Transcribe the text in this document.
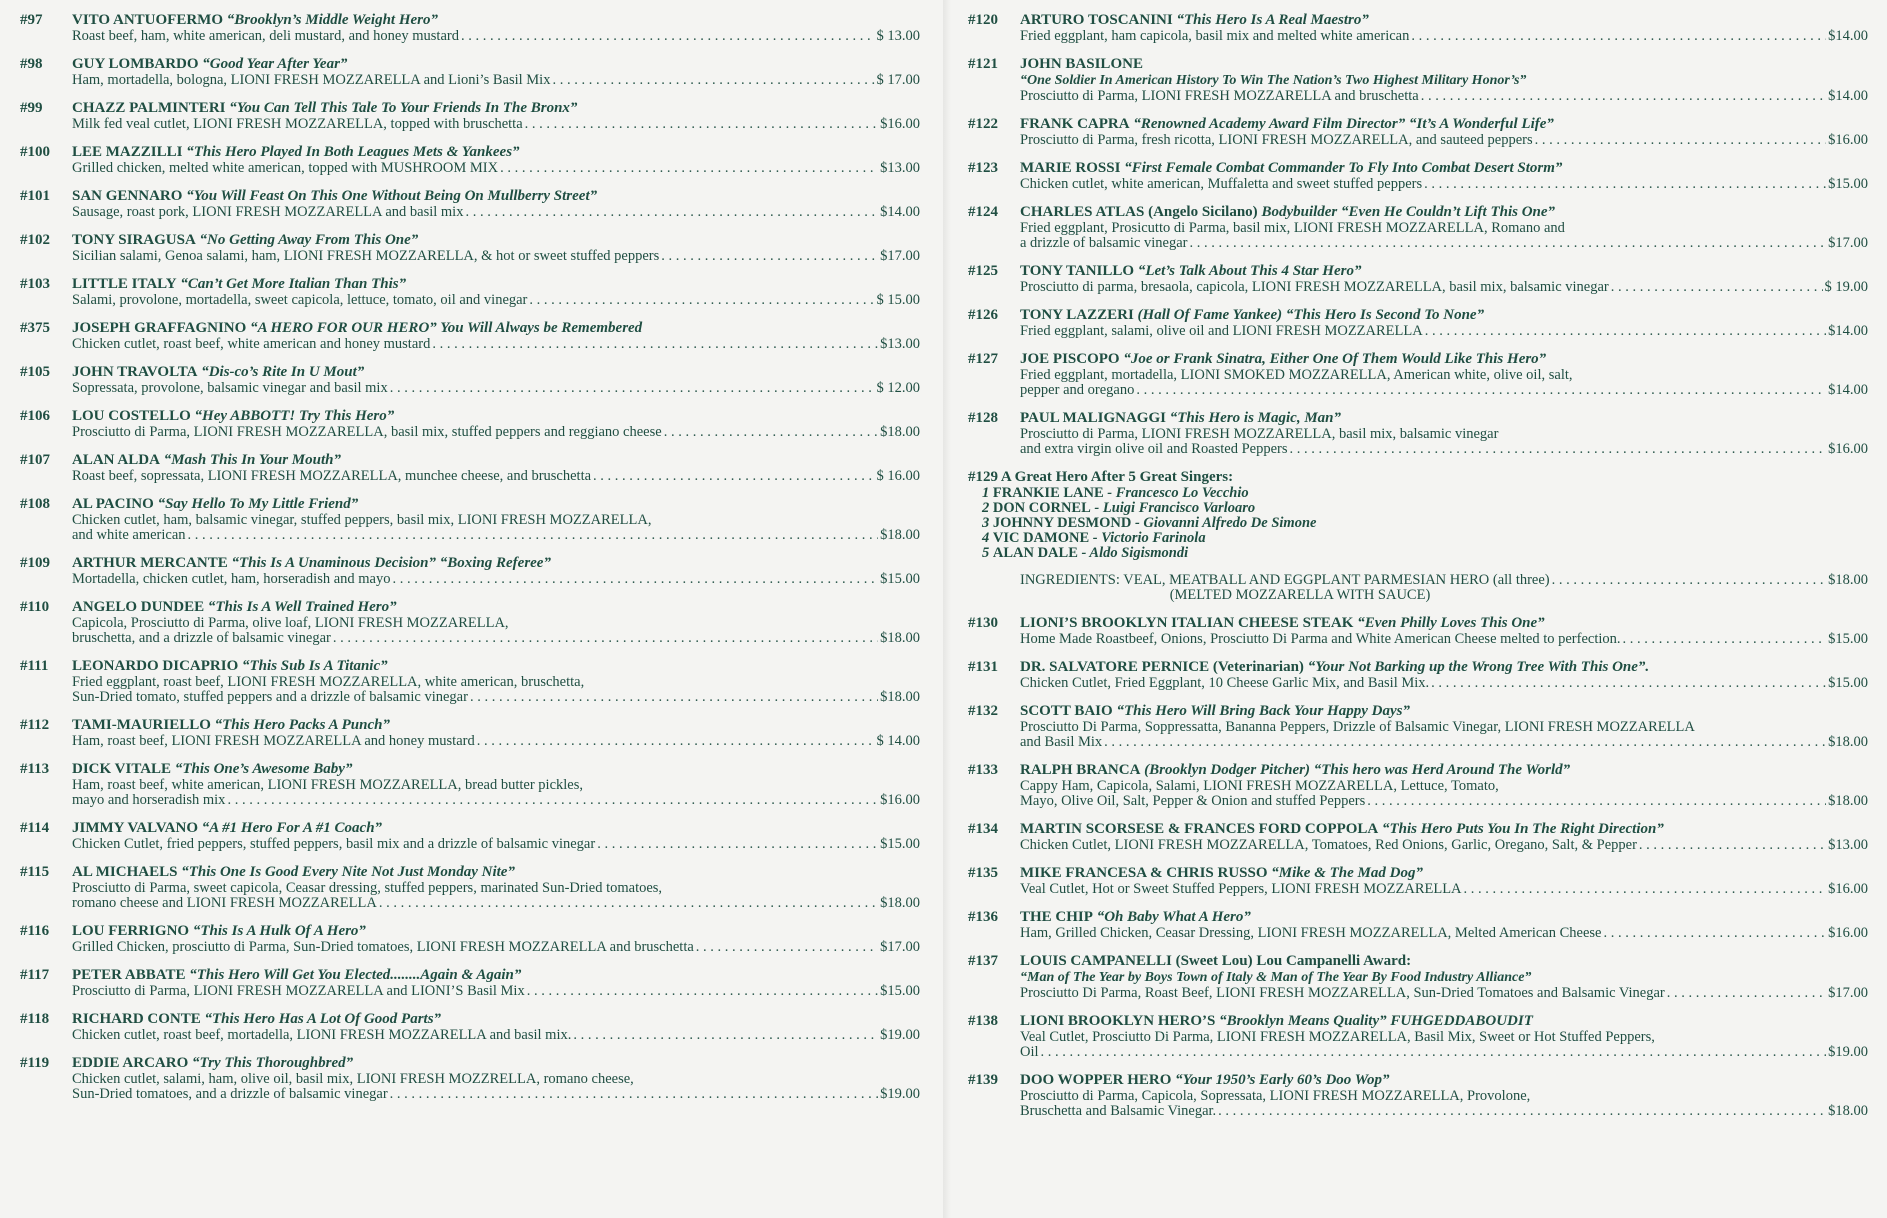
#97 VITO ANTUOFERMO “Brooklyn’s Middle Weight Hero”
Roast beef, ham, white american, deli mustard, and honey mustard . . .	$ 13.00
#98 GUY LOMBARDO “Good Year After Year”
Ham, mortadella, bologna, LIONI FRESH MOZZARELLA and Lioni’s Basil Mix . . .	$ 17.00
#99 CHAZZ PALMINTERI “You Can Tell This Tale To Your Friends In The Bronx”
Milk fed veal cutlet, LIONI FRESH MOZZARELLA, topped with bruschetta . . .	$16.00
#100 LEE MAZZILLI “This Hero Played In Both Leagues Mets & Yankees”
Grilled chicken, melted white american, topped with MUSHROOM MIX . . .	$13.00
#101 SAN GENNARO “You Will Feast On This One Without Being On Mullberry Street”
Sausage, roast pork, LIONI FRESH MOZZARELLA and basil mix . . .	$14.00
#102 TONY SIRAGUSA “No Getting Away From This One”
Sicilian salami, Genoa salami, ham, LIONI FRESH MOZZARELLA, & hot or sweet stuffed peppers . . .	$17.00
#103 LITTLE ITALY “Can’t Get More Italian Than This”
Salami, provolone, mortadella, sweet capicola, lettuce, tomato, oil and vinegar . . .	$ 15.00
#375 JOSEPH GRAFFAGNINO “A HERO FOR OUR HERO” You Will Always be Remembered
Chicken cutlet, roast beef, white american and honey mustard . . .	$13.00
#105 JOHN TRAVOLTA “Dis-co’s Rite In U Mout”
Sopressata, provolone, balsamic vinegar and basil mix . . .	$ 12.00
#106 LOU COSTELLO “Hey ABBOTT! Try This Hero”
Prosciutto di Parma, LIONI FRESH MOZZARELLA, basil mix, stuffed peppers and reggiano cheese . . .	$18.00
#107 ALAN ALDA “Mash This In Your Mouth”
Roast beef, sopressata, LIONI FRESH MOZZARELLA, munchee cheese, and bruschetta . . .	$ 16.00
#108 AL PACINO “Say Hello To My Little Friend”
Chicken cutlet, ham, balsamic vinegar, stuffed peppers, basil mix, LIONI FRESH MOZZARELLA,
and white american . . .	$18.00
#109 ARTHUR MERCANTE “This Is A Unaminous Decision” “Boxing Referee”
Mortadella, chicken cutlet, ham, horseradish and mayo . . .	$15.00
#110 ANGELO DUNDEE “This Is A Well Trained Hero”
Capicola, Prosciutto di Parma, olive loaf, LIONI FRESH MOZZARELLA,
bruschetta, and a drizzle of balsamic vinegar . . .	$18.00
#111 LEONARDO DICAPRIO “This Sub Is A Titanic”
Fried eggplant, roast beef, LIONI FRESH MOZZARELLA, white american, bruschetta,
Sun-Dried tomato, stuffed peppers and a drizzle of balsamic vinegar . . .	$18.00
#112 TAMI-MAURIELLO “This Hero Packs A Punch”
Ham, roast beef, LIONI FRESH MOZZARELLA and honey mustard . . .	$ 14.00
#113 DICK VITALE “This One’s Awesome Baby”
Ham, roast beef, white american, LIONI FRESH MOZZARELLA, bread butter pickles,
mayo and horseradish mix . . .	$16.00
#114 JIMMY VALVANO “A #1 Hero For A #1 Coach”
Chicken Cutlet, fried peppers, stuffed peppers, basil mix and a drizzle of balsamic vinegar . . .	$15.00
#115 AL MICHAELS “This One Is Good Every Nite Not Just Monday Nite”
Prosciutto di Parma, sweet capicola, Ceasar dressing, stuffed peppers, marinated Sun-Dried tomatoes,
romano cheese and LIONI FRESH MOZZARELLA . . .	$18.00
#116 LOU FERRIGNO “This Is A Hulk Of A Hero”
Grilled Chicken, prosciutto di Parma, Sun-Dried tomatoes, LIONI FRESH MOZZARELLA and bruschetta . . .	$17.00
#117 PETER ABBATE “This Hero Will Get You Elected........Again & Again”
Prosciutto di Parma, LIONI FRESH MOZZARELLA and LIONI’S Basil Mix . . .	$15.00
#118 RICHARD CONTE “This Hero Has A Lot Of Good Parts”
Chicken cutlet, roast beef, mortadella, LIONI FRESH MOZZARELLA and basil mix. . . .	$19.00
#119 EDDIE ARCARO “Try This Thoroughbred”
Chicken cutlet, salami, ham, olive oil, basil mix, LIONI FRESH MOZZRELLA, romano cheese,
Sun-Dried tomatoes, and a drizzle of balsamic vinegar . . .	$19.00
#120 ARTURO TOSCANINI “This Hero Is A Real Maestro”
Fried eggplant, ham capicola, basil mix and melted white american . . .	$14.00
#121 JOHN BASILONE
“One Soldier In American History To Win The Nation’s Two Highest Military Honor’s”
Prosciutto di Parma, LIONI FRESH MOZZARELLA and bruschetta . . .	$14.00
#122 FRANK CAPRA “Renowned Academy Award Film Director” “It’s A Wonderful Life”
Prosciutto di Parma, fresh ricotta, LIONI FRESH MOZZARELLA, and sauteed peppers . . .	$16.00
#123 MARIE ROSSI “First Female Combat Commander To Fly Into Combat Desert Storm”
Chicken cutlet, white american, Muffaletta and sweet stuffed peppers . . .	$15.00
#124 CHARLES ATLAS (Angelo Sicilano) Bodybuilder “Even He Couldn’t Lift This One”
Fried eggplant, Prosicutto di Parma, basil mix, LIONI FRESH MOZZARELLA, Romano and
a drizzle of balsamic vinegar . . .	$17.00
#125 TONY TANILLO “Let’s Talk About This 4 Star Hero”
Prosciutto di parma, bresaola, capicola, LIONI FRESH MOZZARELLA, basil mix, balsamic vinegar . . .	$ 19.00
#126 TONY LAZZERI (Hall Of Fame Yankee) “This Hero Is Second To None”
Fried eggplant, salami, olive oil and LIONI FRESH MOZZARELLA . . .	$14.00
#127 JOE PISCOPO “Joe or Frank Sinatra, Either One Of Them Would Like This Hero”
Fried eggplant, mortadella, LIONI SMOKED MOZZARELLA, American white, olive oil, salt,
pepper and oregano . . .	$14.00
#128 PAUL MALIGNAGGI “This Hero is Magic, Man”
Prosciutto di Parma, LIONI FRESH MOZZARELLA, basil mix, balsamic vinegar
and extra virgin olive oil and Roasted Peppers . . .	$16.00
#129 A Great Hero After 5 Great Singers:
1 FRANKIE LANE - Francesco Lo Vecchio
2 DON CORNEL - Luigi Francisco Varloaro
3 JOHNNY DESMOND - Giovanni Alfredo De Simone
4 VIC DAMONE - Victorio Farinola
5 ALAN DALE - Aldo Sigismondi
INGREDIENTS: VEAL, MEATBALL AND EGGPLANT PARMESIAN HERO (all three) . . .	$18.00
(MELTED MOZZARELLA WITH SAUCE)
#130 LIONI’S BROOKLYN ITALIAN CHEESE STEAK “Even Philly Loves This One”
Home Made Roastbeef, Onions, Prosciutto Di Parma and White American Cheese melted to perfection. . . .	$15.00
#131 DR. SALVATORE PERNICE (Veterinarian) “Your Not Barking up the Wrong Tree With This One”.
Chicken Cutlet, Fried Eggplant, 10 Cheese Garlic Mix, and Basil Mix. . . .	$15.00
#132 SCOTT BAIO “This Hero Will Bring Back Your Happy Days”
Prosciutto Di Parma, Soppressatta, Bananna Peppers, Drizzle of Balsamic Vinegar, LIONI FRESH MOZZARELLA
and Basil Mix . . .	$18.00
#133 RALPH BRANCA (Brooklyn Dodger Pitcher) “This hero was Herd Around The World”
Cappy Ham, Capicola, Salami, LIONI FRESH MOZZARELLA, Lettuce, Tomato,
Mayo, Olive Oil, Salt, Pepper & Onion and stuffed Peppers . . .	$18.00
#134 MARTIN SCORSESE & FRANCES FORD COPPOLA “This Hero Puts You In The Right Direction”
Chicken Cutlet, LIONI FRESH MOZZARELLA, Tomatoes, Red Onions, Garlic, Oregano, Salt, & Pepper . . .	$13.00
#135 MIKE FRANCESA & CHRIS RUSSO “Mike & The Mad Dog”
Veal Cutlet, Hot or Sweet Stuffed Peppers, LIONI FRESH MOZZARELLA . . .	$16.00
#136 THE CHIP “Oh Baby What A Hero”
Ham, Grilled Chicken, Ceasar Dressing, LIONI FRESH MOZZARELLA, Melted American Cheese . . .	$16.00
#137 LOUIS CAMPANELLI (Sweet Lou) Lou Campanelli Award:
“Man of The Year by Boys Town of Italy & Man of The Year By Food Industry Alliance”
Prosciutto Di Parma, Roast Beef, LIONI FRESH MOZZARELLA, Sun-Dried Tomatoes and Balsamic Vinegar . . .	$17.00
#138 LIONI BROOKLYN HERO’S “Brooklyn Means Quality” FUHGEDDABOUDIT
Veal Cutlet, Prosciutto Di Parma, LIONI FRESH MOZZARELLA, Basil Mix, Sweet or Hot Stuffed Peppers,
Oil . . .	$19.00
#139 DOO WOPPER HERO “Your 1950’s Early 60’s Doo Wop”
Prosciutto di Parma, Capicola, Sopressata, LIONI FRESH MOZZARELLA, Provolone,
Bruschetta and Balsamic Vinegar. . . .	$18.00
